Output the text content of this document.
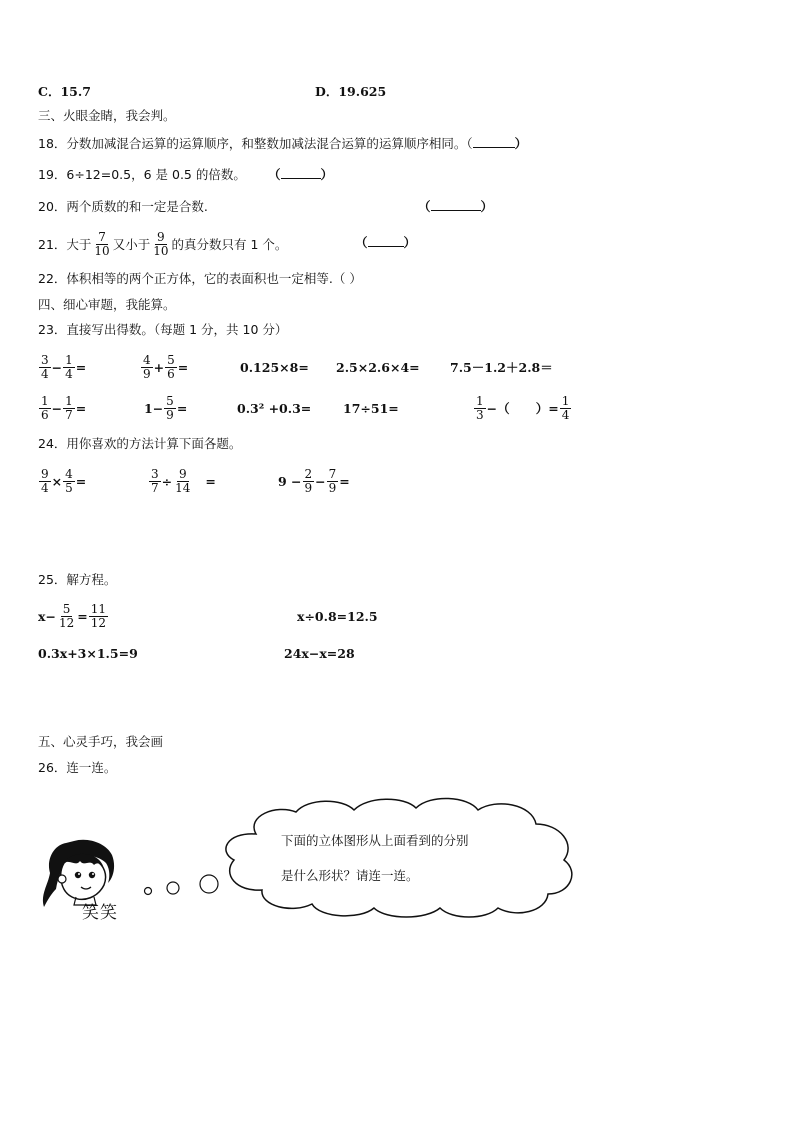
C．15.7	D．19.625
三、火眼金睛，我会判。
18．分数加减混合运算的运算顺序，和整数加减法混合运算的运算顺序相同。（	）
19．6÷12=0.5，6 是 0.5 的倍数。 （	）
20．两个质数的和一定是合数.	（	）
21．大于 $\frac{7}{10}$ 又小于 $\frac{9}{10}$ 的真分数只有 1 个。	（	）
22．体积相等的两个正方体，它的表面积也一定相等.（ ）
四、细心审题，我能算。
23．直接写出得数。（每题 1 分，共 10 分）
$\frac{3}{4} - \frac{1}{4}$ =	$\frac{4}{9} + \frac{5}{6}$ =	0.125×8= 2.5×2.6×4= 7.5－1.2＋2.8＝
$\frac{1}{6} - \frac{1}{7}$ =	$1- \frac{5}{9}$ =	0.3² +0.3=	17÷51=	$\frac{1}{3}$ −（      ）= $\frac{1}{4}$
24．用你喜欢的方法计算下面各题。
$\frac{9}{4} \times \frac{4}{5}$ =	$\frac{3}{7} \div \frac{9}{14}$ =	$9 - \frac{2}{9} - \frac{7}{9}$ =
25．解方程。
$x- \frac{5}{12} = \frac{11}{12}$	x÷0.8=12.5
0.3x+3×1.5=9	24x−x=28
五、心灵手巧，我会画
26．连一连。
笑笑
下面的立体图形从上面看到的分别
是什么形状？请连一连。
